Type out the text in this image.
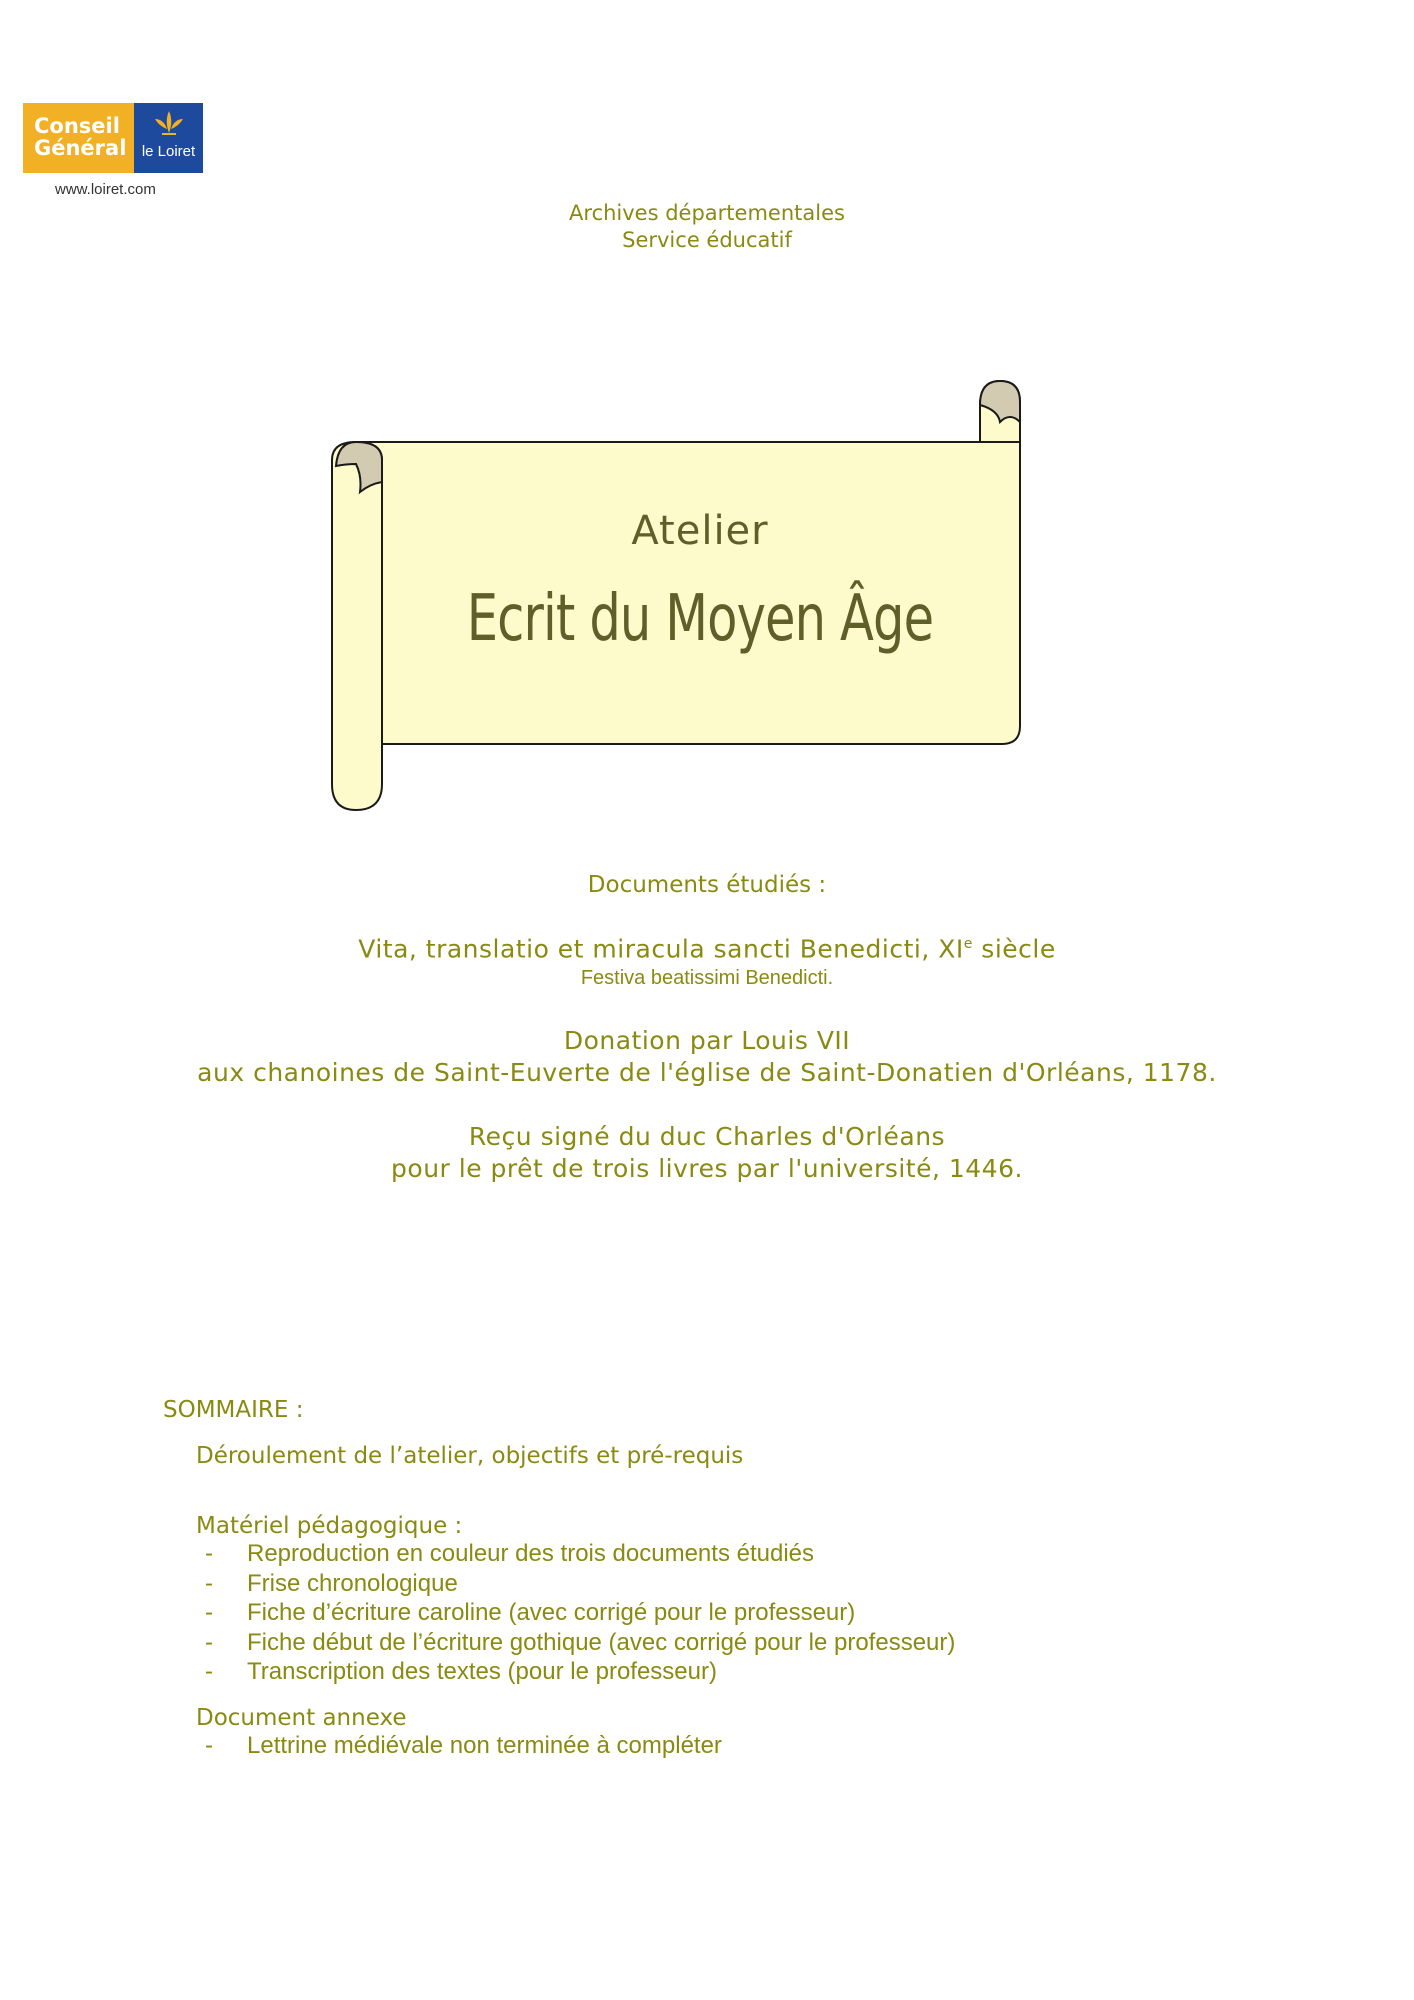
Conseil
Général	le Loiret
www.loiret.com
Archives départementales
Service éducatif
Atelier
Ecrit du Moyen Âge
Documents étudiés :
Vita, translatio et miracula sancti Benedicti, XIe siècle
Festiva beatissimi Benedicti.
Donation par Louis VII
aux chanoines de Saint-Euverte de l'église de Saint-Donatien d'Orléans, 1178.
Reçu signé du duc Charles d'Orléans
pour le prêt de trois livres par l'université, 1446.
SOMMAIRE :
Déroulement de l’atelier, objectifs et pré-requis
Matériel pédagogique :
- Reproduction en couleur des trois documents étudiés
- Frise chronologique
- Fiche d’écriture caroline (avec corrigé pour le professeur)
- Fiche début de l’écriture gothique (avec corrigé pour le professeur)
- Transcription des textes (pour le professeur)
Document annexe
- Lettrine médiévale non terminée à compléter
